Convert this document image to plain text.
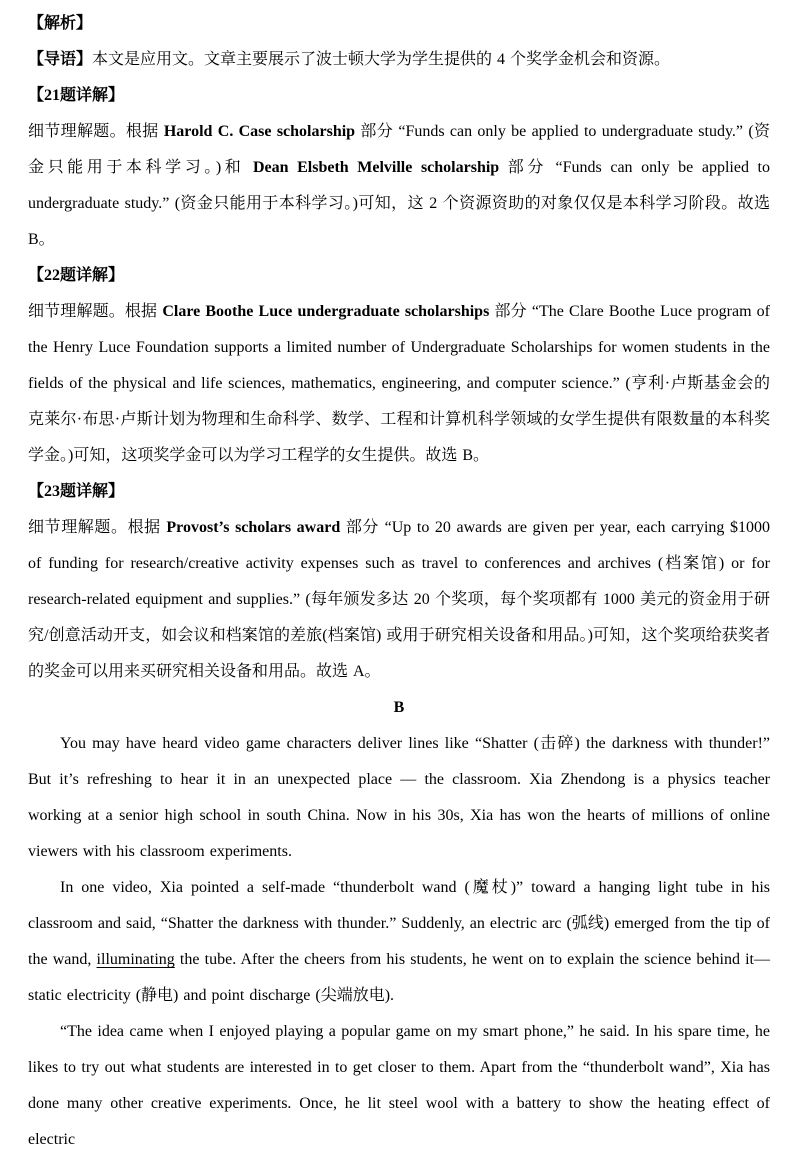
【解析】

【导语】本文是应用文。文章主要展示了波士顿大学为学生提供的 4 个奖学金机会和资源。

【21题详解】

细节理解题。根据 Harold C. Case scholarship 部分 “Funds can only be applied to undergraduate study.” (资金只能用于本科学习。)和 Dean Elsbeth Melville scholarship 部分 “Funds can only be applied to undergraduate study.” (资金只能用于本科学习。)可知，这 2 个资源资助的对象仅仅是本科学习阶段。故选 B。

【22题详解】

细节理解题。根据 Clare Boothe Luce undergraduate scholarships 部分 “The Clare Boothe Luce program of the Henry Luce Foundation supports a limited number of Undergraduate Scholarships for women students in the fields of the physical and life sciences, mathematics, engineering, and computer science.” (亨利·卢斯基金会的克莱尔·布思·卢斯计划为物理和生命科学、数学、工程和计算机科学领域的女学生提供有限数量的本科奖学金。)可知，这项奖学金可以为学习工程学的女生提供。故选 B。

【23题详解】

细节理解题。根据 Provost’s scholars award 部分 “Up to 20 awards are given per year, each carrying $1000 of funding for research/creative activity expenses such as travel to conferences and archives (档案馆) or for research-related equipment and supplies.” (每年颁发多达 20 个奖项，每个奖项都有 1000 美元的资金用于研究/创意活动开支，如会议和档案馆的差旅(档案馆) 或用于研究相关设备和用品。)可知，这个奖项给获奖者的奖金可以用来买研究相关设备和用品。故选 A。

B

You may have heard video game characters deliver lines like “Shatter (击碎) the darkness with thunder!” But it’s refreshing to hear it in an unexpected place — the classroom. Xia Zhendong is a physics teacher working at a senior high school in south China. Now in his 30s, Xia has won the hearts of millions of online viewers with his classroom experiments.

In one video, Xia pointed a self-made “thunderbolt wand (魔杖)” toward a hanging light tube in his classroom and said, “Shatter the darkness with thunder.” Suddenly, an electric arc (弧线) emerged from the tip of the wand, illuminating the tube. After the cheers from his students, he went on to explain the science behind it—static electricity (静电) and point discharge (尖端放电).

“The idea came when I enjoyed playing a popular game on my smart phone,” he said. In his spare time, he likes to try out what students are interested in to get closer to them. Apart from the “thunderbolt wand”, Xia has done many other creative experiments. Once, he lit steel wool with a battery to show the heating effect of electric
